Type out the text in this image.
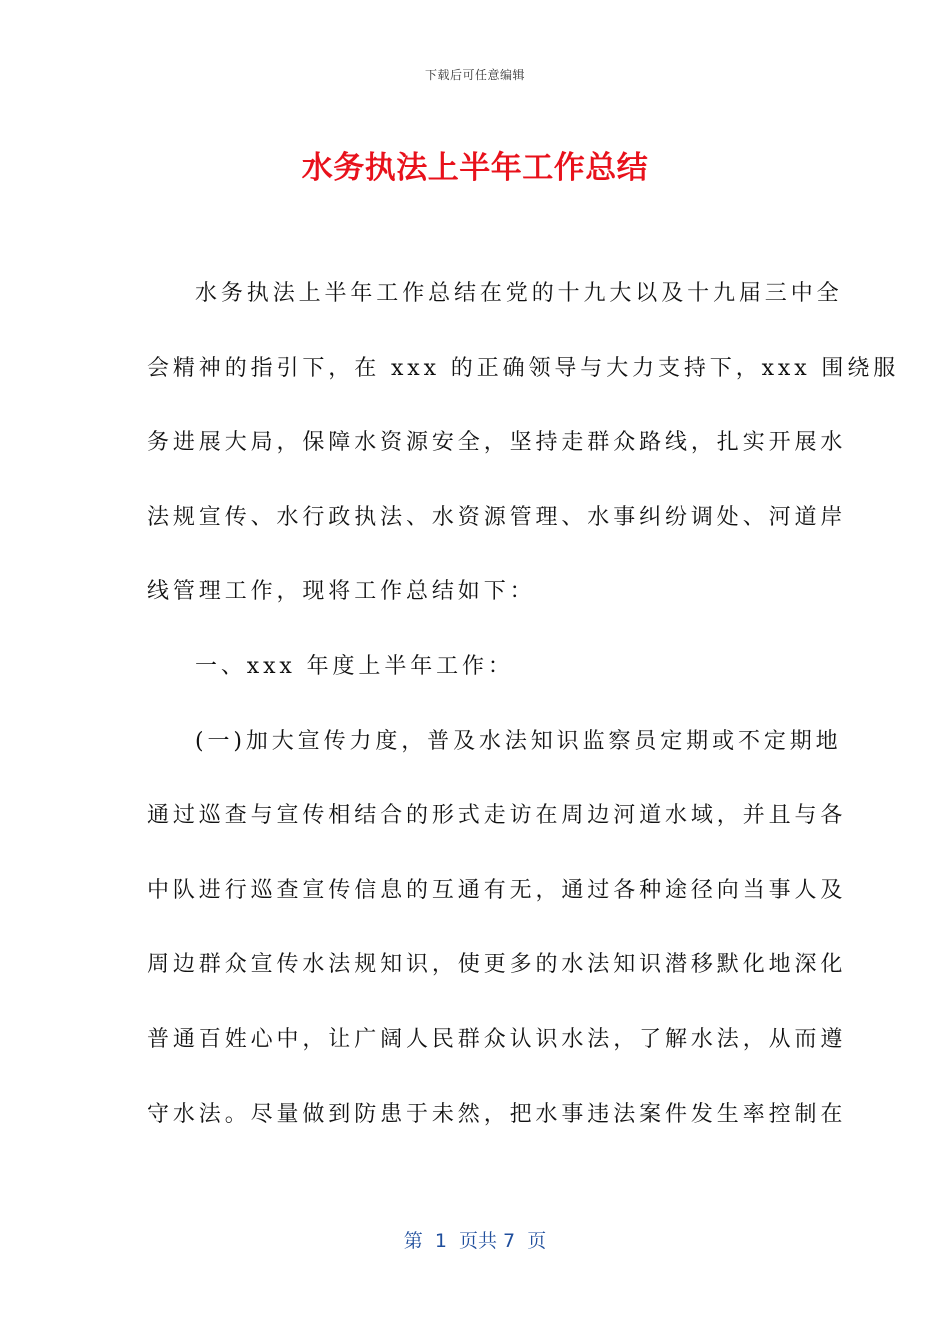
下载后可任意编辑
水务执法上半年工作总结
水务执法上半年工作总结在党的十九大以及十九届三中全
会精神的指引下，在 xxx 的正确领导与大力支持下，xxx 围绕服
务进展大局，保障水资源安全，坚持走群众路线，扎实开展水
法规宣传、水行政执法、水资源管理、水事纠纷调处、河道岸
线管理工作，现将工作总结如下：
一、xxx 年度上半年工作：
(一)加大宣传力度，普及水法知识监察员定期或不定期地
通过巡查与宣传相结合的形式走访在周边河道水域，并且与各
中队进行巡查宣传信息的互通有无，通过各种途径向当事人及
周边群众宣传水法规知识，使更多的水法知识潜移默化地深化
普通百姓心中，让广阔人民群众认识水法，了解水法，从而遵
守水法。尽量做到防患于未然，把水事违法案件发生率控制在
第  1  页共 7  页
